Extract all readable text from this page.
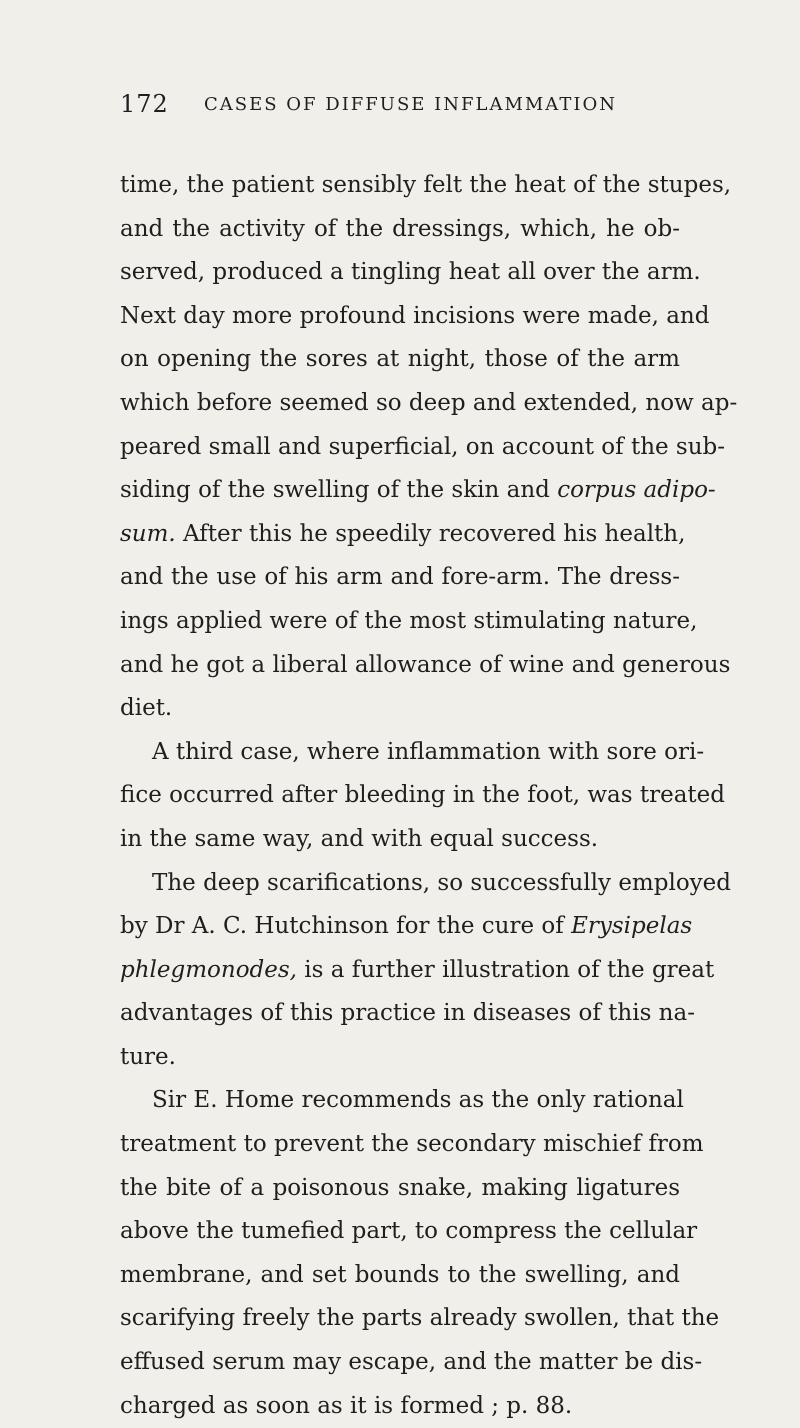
172 CASES OF DIFFUSE INFLAMMATION
time, the patient sensibly felt the heat of the stupes,
and the activity of the dressings, which, he ob-
served, produced a tingling heat all over the arm.
Next day more profound incisions were made, and
on opening the sores at night, those of the arm
which before seemed so deep and extended, now ap-
peared small and superficial, on account of the sub-
siding of the swelling of the skin and corpus adipo-
sum. After this he speedily recovered his health,
and the use of his arm and fore-arm. The dress-
ings applied were of the most stimulating nature,
and he got a liberal allowance of wine and generous
diet.
A third case, where inflammation with sore ori-
fice occurred after bleeding in the foot, was treated
in the same way, and with equal success.
The deep scarifications, so successfully employed
by Dr A. C. Hutchinson for the cure of Erysipelas
phlegmonodes, is a further illustration of the great
advantages of this practice in diseases of this na-
ture.
Sir E. Home recommends as the only rational
treatment to prevent the secondary mischief from
the bite of a poisonous snake, making ligatures
above the tumefied part, to compress the cellular
membrane, and set bounds to the swelling, and
scarifying freely the parts already swollen, that the
effused serum may escape, and the matter be dis-
charged as soon as it is formed ; p. 88.
